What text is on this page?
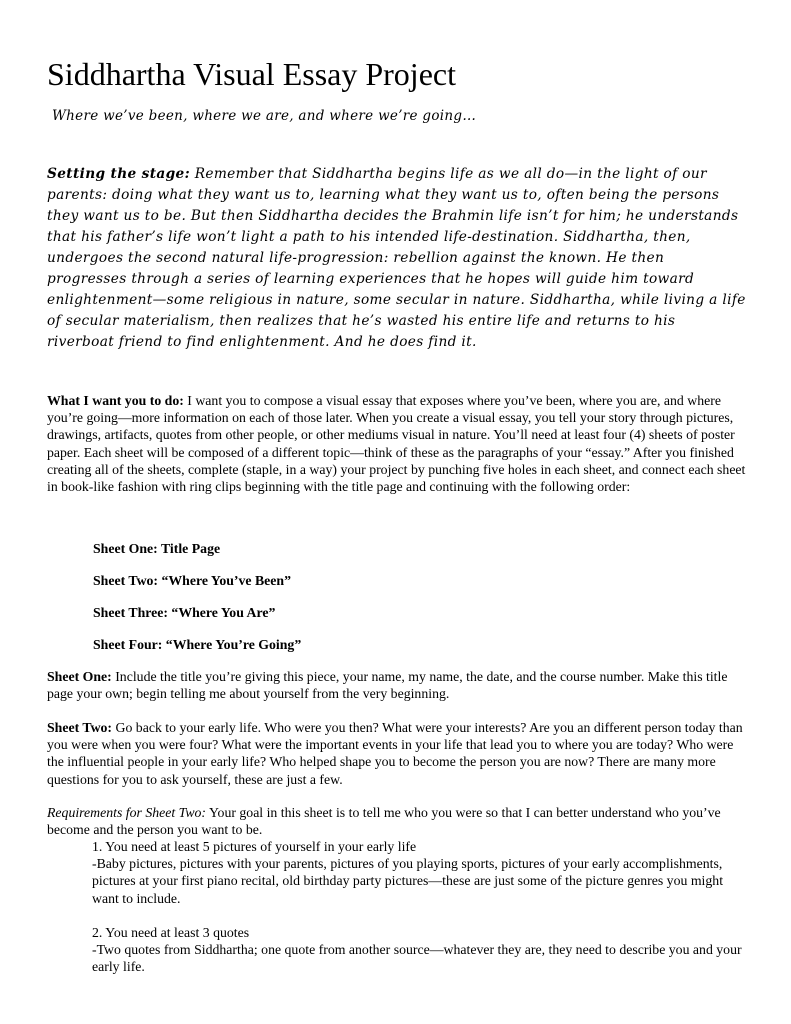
Siddhartha Visual Essay Project
Where we’ve been, where we are, and where we’re going…

Setting the stage: Remember that Siddhartha begins life as we all do—in the light of our parents: doing what they want us to, learning what they want us to, often being the persons they want us to be. But then Siddhartha decides the Brahmin life isn’t for him; he understands that his father’s life won’t light a path to his intended life-destination. Siddhartha, then, undergoes the second natural life-progression: rebellion against the known. He then progresses through a series of learning experiences that he hopes will guide him toward enlightenment—some religious in nature, some secular in nature. Siddhartha, while living a life of secular materialism, then realizes that he’s wasted his entire life and returns to his riverboat friend to find enlightenment. And he does find it.

What I want you to do: I want you to compose a visual essay that exposes where you’ve been, where you are, and where you’re going—more information on each of those later. When you create a visual essay, you tell your story through pictures, drawings, artifacts, quotes from other people, or other mediums visual in nature. You’ll need at least four (4) sheets of poster paper. Each sheet will be composed of a different topic—think of these as the paragraphs of your “essay.” After you finished creating all of the sheets, complete (staple, in a way) your project by punching five holes in each sheet, and connect each sheet in book-like fashion with ring clips beginning with the title page and continuing with the following order:

Sheet One: Title Page
Sheet Two: “Where You’ve Been”
Sheet Three: “Where You Are”
Sheet Four: “Where You’re Going”

Sheet One: Include the title you’re giving this piece, your name, my name, the date, and the course number. Make this title page your own; begin telling me about yourself from the very beginning.

Sheet Two: Go back to your early life. Who were you then? What were your interests? Are you an different person today than you were when you were four? What were the important events in your life that lead you to where you are today? Who were the influential people in your early life? Who helped shape you to become the person you are now? There are many more questions for you to ask yourself, these are just a few.

Requirements for Sheet Two: Your goal in this sheet is to tell me who you were so that I can better understand who you’ve become and the person you want to be.

1. You need at least 5 pictures of yourself in your early life

-Baby pictures, pictures with your parents, pictures of you playing sports, pictures of your early accomplishments, pictures at your first piano recital, old birthday party pictures—these are just some of the picture genres you might want to include.

2. You need at least 3 quotes

-Two quotes from Siddhartha; one quote from another source—whatever they are, they need to describe you and your early life.
